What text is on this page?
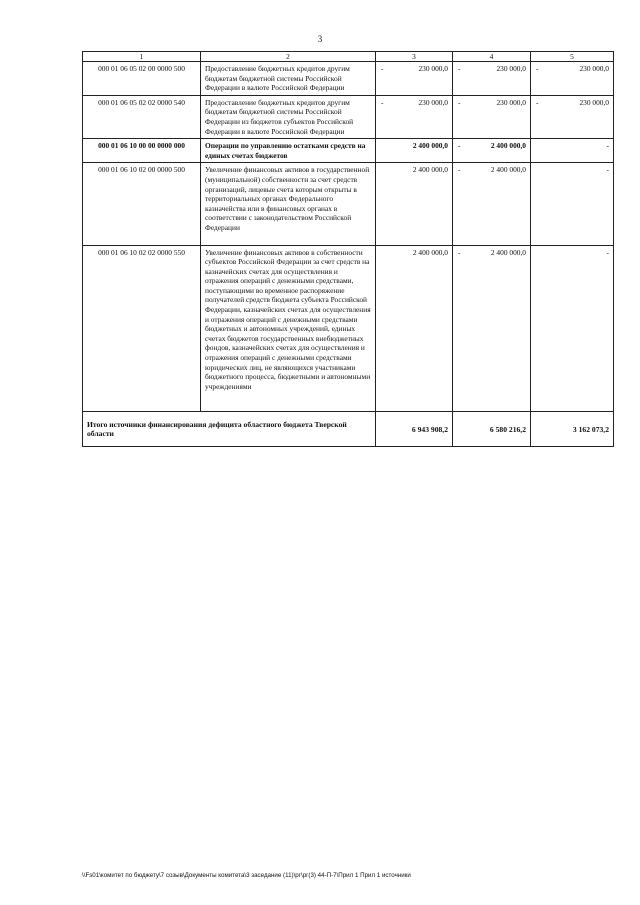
3
1	2	3	4	5
000 01 06 05 02 00 0000 500	Предоставление бюджетных кредитов другим бюджетам бюджетной системы Российской Федерации в валюте Российской Федерации	- 230 000,0	- 230 000,0	- 230 000,0

000 01 06 05 02 02 0000 540	Предоставление бюджетных кредитов другим бюджетам бюджетной системы Российской Федерации из бюджетов субъектов Российской Федерации в валюте Российской Федерации	- 230 000,0	- 230 000,0	- 230 000,0

000 01 06 10 00 00 0000 000	Операции по управлению остатками средств на единых счетах бюджетов	2 400 000,0	- 2 400 000,0	-

000 01 06 10 02 00 0000 500	Увеличение финансовых активов в государственной (муниципальной) собственности за счет средств организаций, лицевые счета которым открыты в территориальных органах Федерального казначейства или в финансовых органах в соответствии с законодательством Российской Федерации	2 400 000,0	- 2 400 000,0	-

000 01 06 10 02 02 0000 550	Увеличение финансовых активов в собственности субъектов Российской Федерации за счет средств на казначейских счетах для осуществления и отражения операций с денежными средствами, поступающими во временное распоряжение получателей средств бюджета субъекта Российской Федерации, казначейских счетах для осуществления и отражения операций с денежными средствами бюджетных и автономных учреждений, единых счетах бюджетов государственных внебюджетных фондов, казначейских счетах для осуществления и отражения операций с денежными средствами юридических лиц, не являющихся участниками бюджетного процесса, бюджетными и автономными учреждениями	2 400 000,0	- 2 400 000,0	-

Итого источники финансирования дефицита областного бюджета Тверской области		6 943 908,2	6 580 216,2	3 162 073,2
\\Fs01\комитет по бюджету\7 созыв\Документы комитета\3 заседание (11)\рг\рг(3) 44-П-7\Прил 1 Прил 1 источники
